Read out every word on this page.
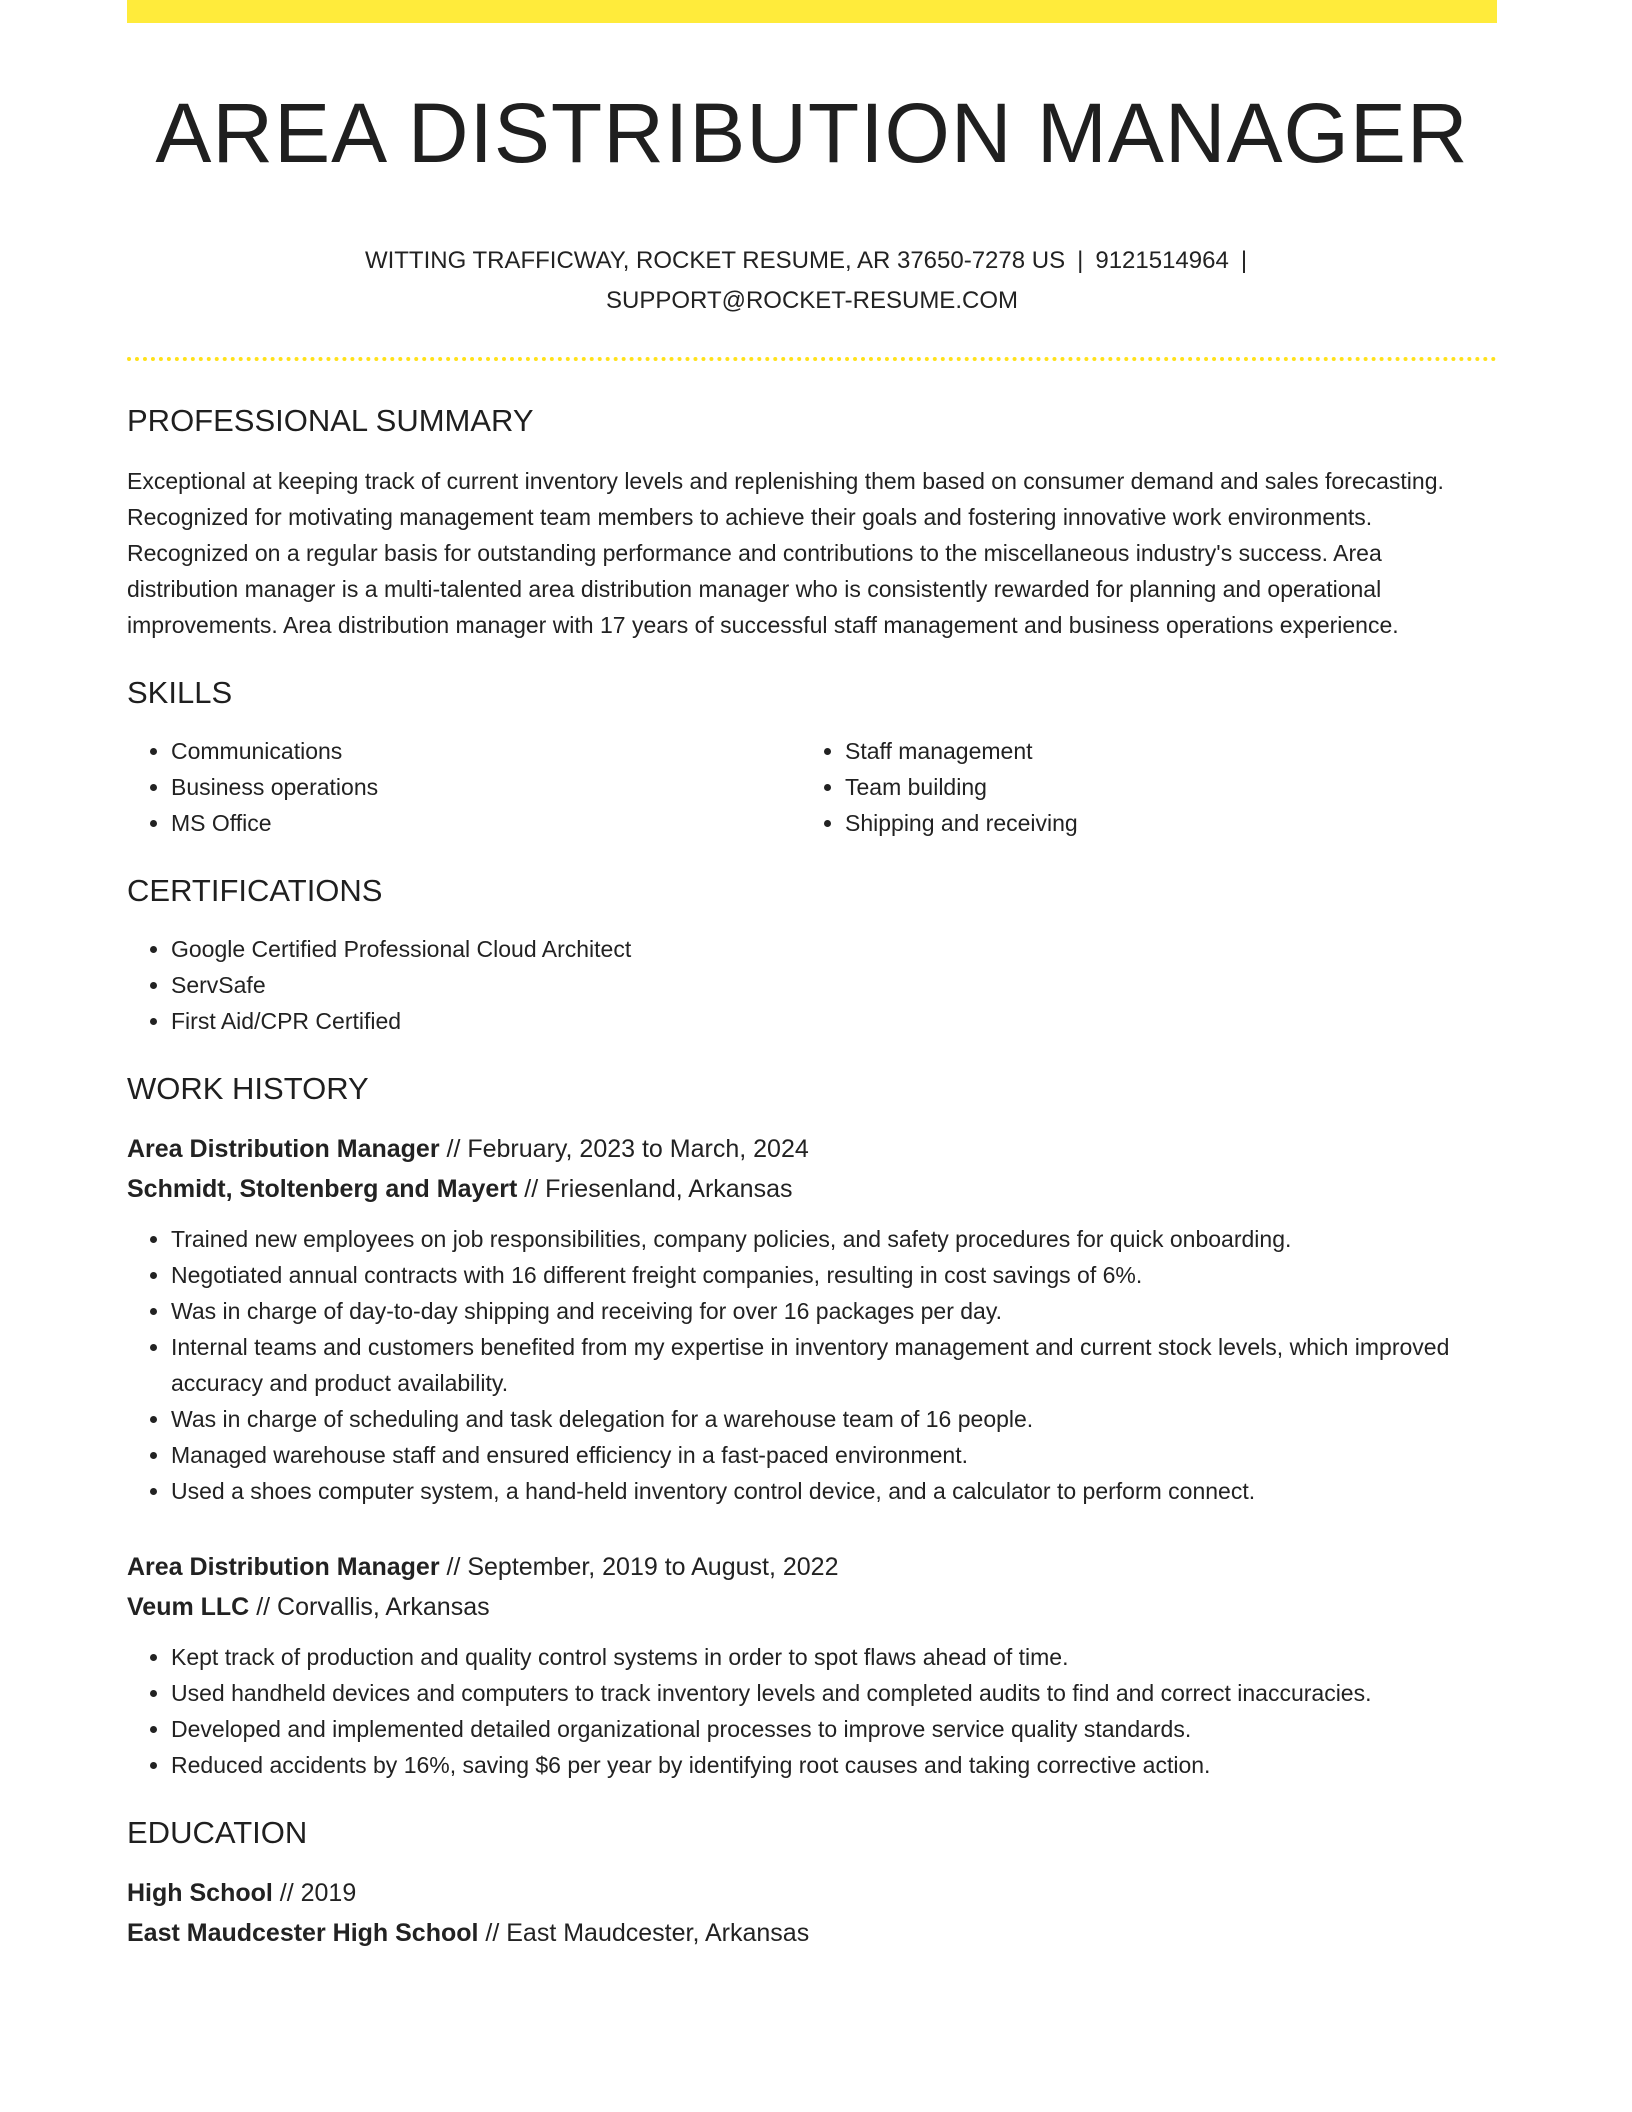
AREA DISTRIBUTION MANAGER
WITTING TRAFFICWAY, ROCKET RESUME, AR 37650-7278 US | 9121514964 |
SUPPORT@ROCKET-RESUME.COM
PROFESSIONAL SUMMARY
Exceptional at keeping track of current inventory levels and replenishing them based on consumer demand and sales forecasting. Recognized for motivating management team members to achieve their goals and fostering innovative work environments. Recognized on a regular basis for outstanding performance and contributions to the miscellaneous industry's success. Area distribution manager is a multi-talented area distribution manager who is consistently rewarded for planning and operational improvements. Area distribution manager with 17 years of successful staff management and business operations experience.
SKILLS
• Communications
• Business operations
• MS Office
• Staff management
• Team building
• Shipping and receiving
CERTIFICATIONS
• Google Certified Professional Cloud Architect
• ServSafe
• First Aid/CPR Certified
WORK HISTORY
Area Distribution Manager // February, 2023 to March, 2024
Schmidt, Stoltenberg and Mayert // Friesenland, Arkansas
• Trained new employees on job responsibilities, company policies, and safety procedures for quick onboarding.
• Negotiated annual contracts with 16 different freight companies, resulting in cost savings of 6%.
• Was in charge of day-to-day shipping and receiving for over 16 packages per day.
• Internal teams and customers benefited from my expertise in inventory management and current stock levels, which improved accuracy and product availability.
• Was in charge of scheduling and task delegation for a warehouse team of 16 people.
• Managed warehouse staff and ensured efficiency in a fast-paced environment.
• Used a shoes computer system, a hand-held inventory control device, and a calculator to perform connect.
Area Distribution Manager // September, 2019 to August, 2022
Veum LLC // Corvallis, Arkansas
• Kept track of production and quality control systems in order to spot flaws ahead of time.
• Used handheld devices and computers to track inventory levels and completed audits to find and correct inaccuracies.
• Developed and implemented detailed organizational processes to improve service quality standards.
• Reduced accidents by 16%, saving $6 per year by identifying root causes and taking corrective action.
EDUCATION
High School // 2019
East Maudcester High School // East Maudcester, Arkansas
